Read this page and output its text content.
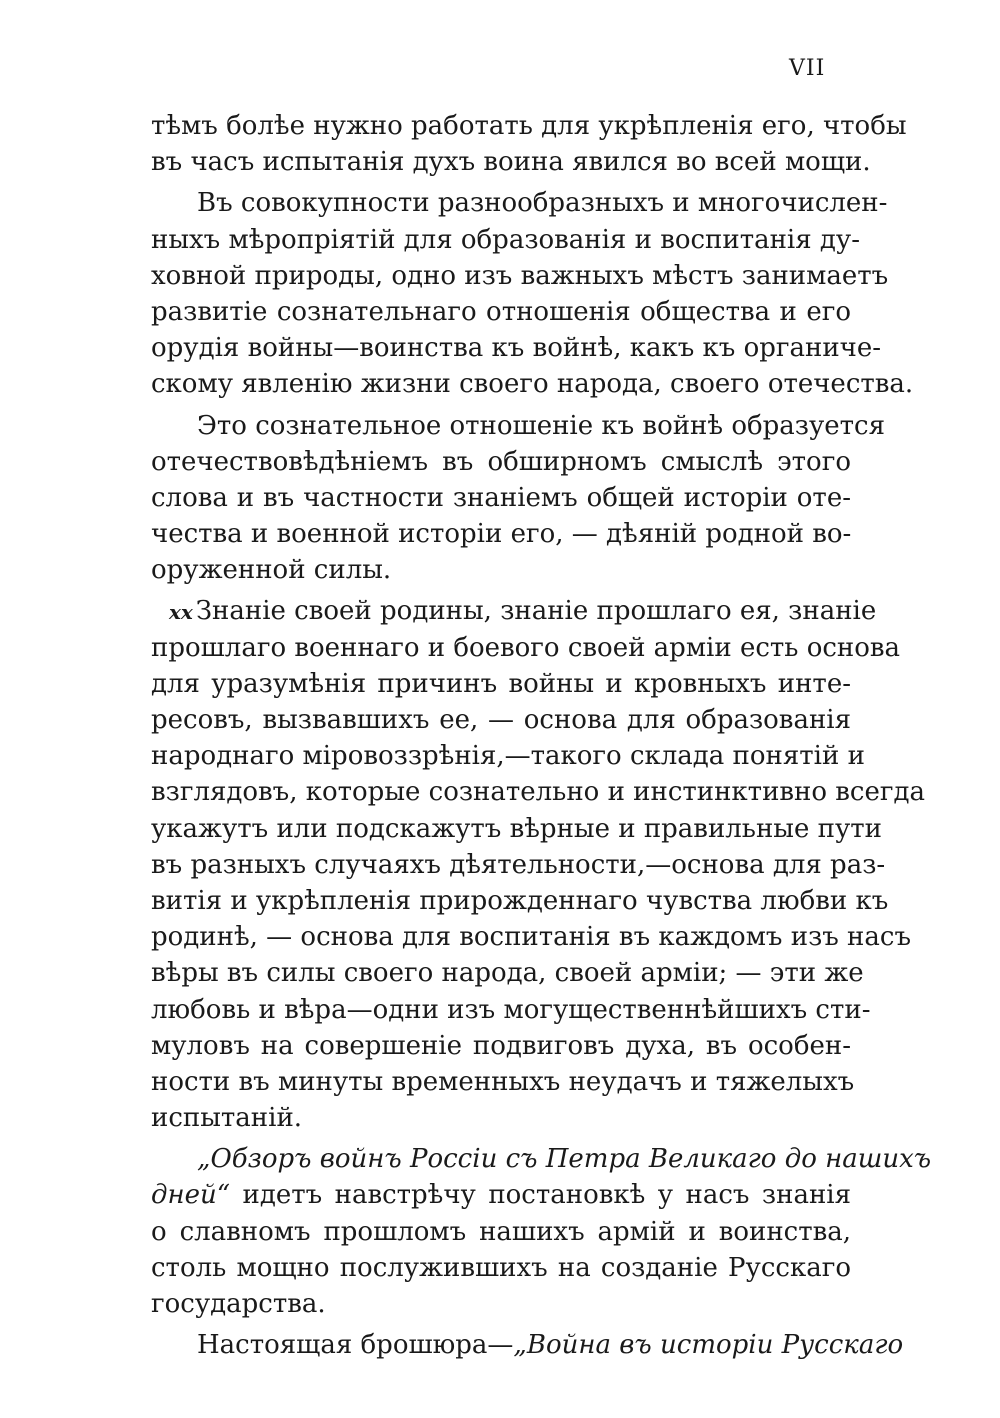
VII
тѣмъ болѣе нужно работать для укрѣпленія его, чтобы
въ часъ испытанія духъ воина явился во всей мощи.
Въ совокупности разнообразныхъ и многочислен-
ныхъ мѣропріятій для образованія и воспитанія ду-
ховной природы, одно изъ важныхъ мѣстъ занимаетъ
развитіе сознательнаго отношенія общества и его
орудія войны—воинства къ войнѣ, какъ къ органиче-
скому явленію жизни своего народа, своего отечества.
Это сознательное отношеніе къ войнѣ образуется
отечествовѣдѣніемъ въ обширномъ смыслѣ этого
слова и въ частности знаніемъ общей исторіи оте-
чества и военной исторіи его, — дѣяній родной во-
оруженной силы.
xx Знаніе своей родины, знаніе прошлаго ея, знаніе
прошлаго военнаго и боевого своей арміи есть основа
для уразумѣнія причинъ войны и кровныхъ инте-
ресовъ, вызвавшихъ ее, — основа для образованія
народнаго міровоззрѣнія,—такого склада понятій и
взглядовъ, которые сознательно и инстинктивно всегда
укажутъ или подскажутъ вѣрные и правильные пути
въ разныхъ случаяхъ дѣятельности,—основа для раз-
витія и укрѣпленія прирожденнаго чувства любви къ
родинѣ, — основа для воспитанія въ каждомъ изъ насъ
вѣры въ силы своего народа, своей арміи; — эти же
любовь и вѣра—одни изъ могущественнѣйшихъ сти-
муловъ на совершеніе подвиговъ духа, въ особен-
ности въ минуты временныхъ неудачъ и тяжелыхъ
испытаній.
„Обзоръ войнъ Россіи съ Петра Великаго до нашихъ
дней“ идетъ навстрѣчу постановкѣ у насъ знанія
о славномъ прошломъ нашихъ армій и воинства,
столь мощно послужившихъ на созданіе Русскаго
государства.
Настоящая брошюра—„Война въ исторіи Русскаго
